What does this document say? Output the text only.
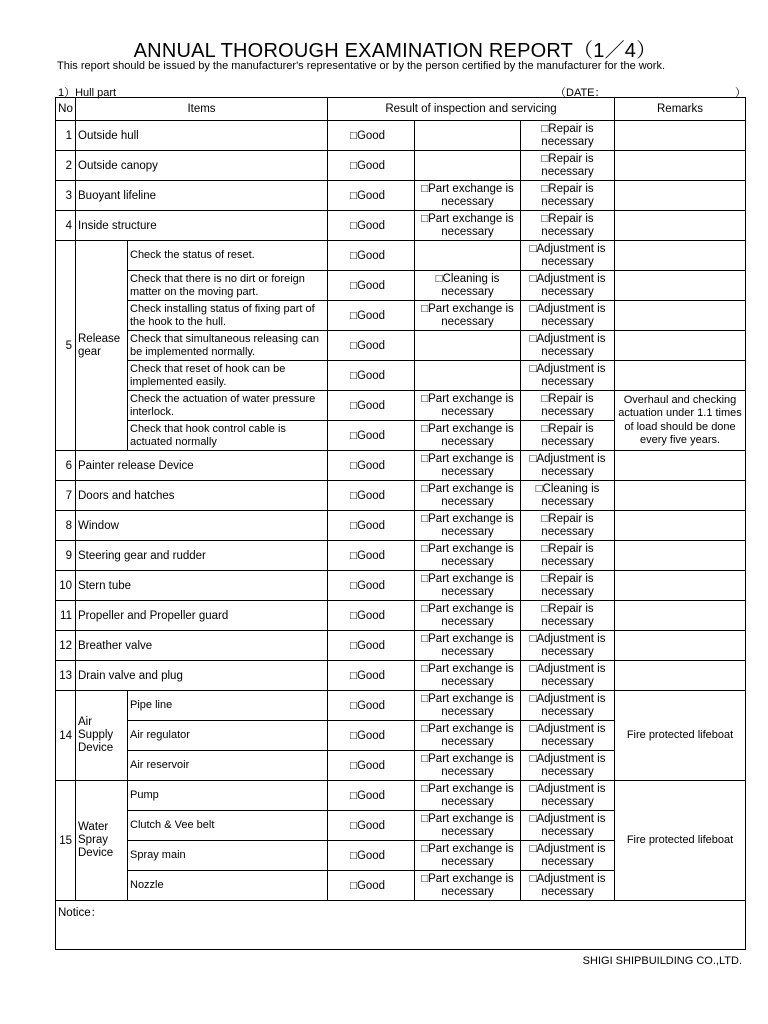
ANNUAL THOROUGH EXAMINATION REPORT（1／4）
This report should be issued by the manufacturer's representative or by the person certified by the manufacturer for the work.
1）Hull part	（DATE：	）
No	Items		Result of inspection and servicing			Remarks
1	Outside hull		□Good		□Repair is necessary	
2	Outside canopy		□Good		□Repair is necessary	
3	Buoyant lifeline		□Good	□Part exchange is necessary	□Repair is necessary	
4	Inside structure		□Good	□Part exchange is necessary	□Repair is necessary	
5	Release gear	Check the status of reset.	□Good		□Adjustment is necessary	
		Check that there is no dirt or foreign matter on the moving part.	□Good	□Cleaning is necessary	□Adjustment is necessary	
		Check installing status of fixing part of the hook to the hull.	□Good	□Part exchange is necessary	□Adjustment is necessary	
		Check that simultaneous releasing can be implemented normally.	□Good		□Adjustment is necessary	
		Check that reset of hook can be implemented easily.	□Good		□Adjustment is necessary	
		Check the actuation of water pressure interlock.	□Good	□Part exchange is necessary	□Repair is necessary	Overhaul and checking actuation under 1.1 times of load should be done every five years.
		Check that hook control cable is actuated normally	□Good	□Part exchange is necessary	□Repair is necessary	
6	Painter release Device		□Good	□Part exchange is necessary	□Adjustment is necessary	
7	Doors and hatches		□Good	□Part exchange is necessary	□Cleaning is necessary	
8	Window		□Good	□Part exchange is necessary	□Repair is necessary	
9	Steering gear and rudder		□Good	□Part exchange is necessary	□Repair is necessary	
10	Stern tube		□Good	□Part exchange is necessary	□Repair is necessary	
11	Propeller and Propeller guard		□Good	□Part exchange is necessary	□Repair is necessary	
12	Breather valve		□Good	□Part exchange is necessary	□Adjustment is necessary	
13	Drain valve and plug		□Good	□Part exchange is necessary	□Adjustment is necessary	
14	Air Supply Device	Pipe line	□Good	□Part exchange is necessary	□Adjustment is necessary	Fire protected lifeboat
		Air regulator	□Good	□Part exchange is necessary	□Adjustment is necessary	
		Air reservoir	□Good	□Part exchange is necessary	□Adjustment is necessary	
15	Water Spray Device	Pump	□Good	□Part exchange is necessary	□Adjustment is necessary	Fire protected lifeboat
		Clutch & Vee belt	□Good	□Part exchange is necessary	□Adjustment is necessary	
		Spray main	□Good	□Part exchange is necessary	□Adjustment is necessary	
		Nozzle	□Good	□Part exchange is necessary	□Adjustment is necessary	
Notice：						
SHIGI SHIPBUILDING CO.,LTD.
